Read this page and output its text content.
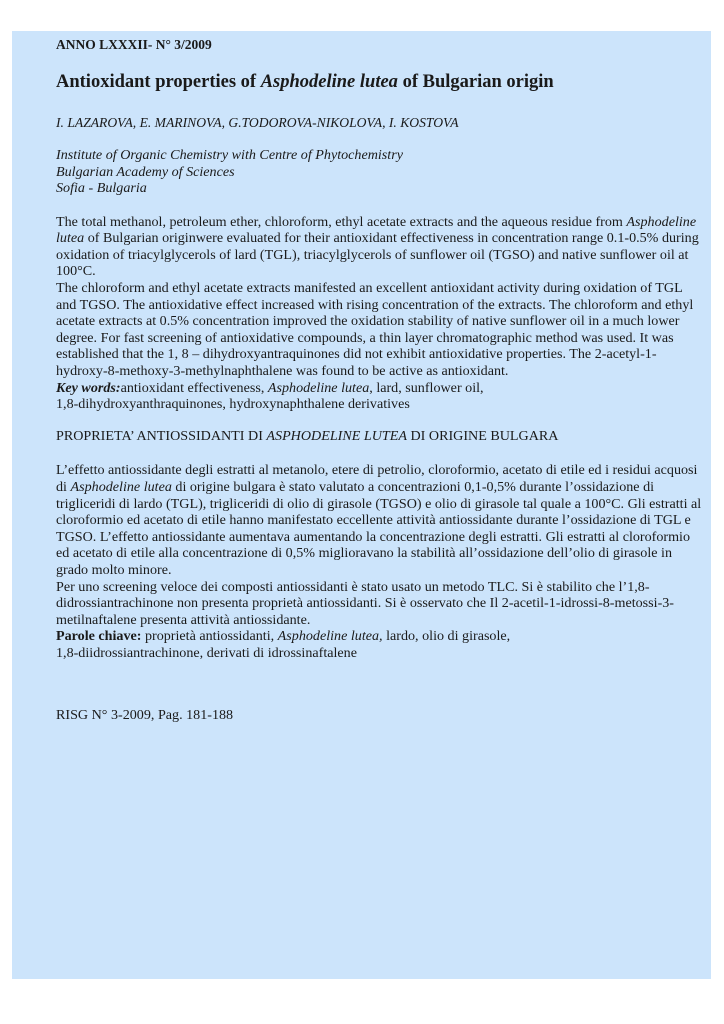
ANNO LXXXII- N° 3/2009

Antioxidant properties of Asphodeline lutea of Bulgarian origin

I. LAZAROVA, E. MARINOVA, G.TODOROVA-NIKOLOVA, I. KOSTOVA

Institute of Organic Chemistry with Centre of Phytochemistry
Bulgarian Academy of Sciences
Sofia - Bulgaria

The total methanol, petroleum ether, chloroform, ethyl acetate extracts and the aqueous residue from Asphodeline lutea of Bulgarian originwere evaluated for their antioxidant effectiveness in concentration range 0.1-0.5% during oxidation of triacylglycerols of lard (TGL), triacylglycerols of sunflower oil (TGSO) and native sunflower oil at 100°C.

The chloroform and ethyl acetate extracts manifested an excellent antioxidant activity during oxidation of TGL and TGSO. The antioxidative effect increased with rising concentration of the extracts. The chloroform and ethyl acetate extracts at 0.5% concentration improved the oxidation stability of native sunflower oil in a much lower degree. For fast screening of antioxidative compounds, a thin layer chromatographic method was used. It was established that the 1, 8 – dihydroxyantraquinones did not exhibit antioxidative properties. The 2-acetyl-1-hydroxy-8-methoxy-3-methylnaphthalene was found to be active as antioxidant.

Key words:antioxidant effectiveness, Asphodeline lutea, lard, sunflower oil,

1,8-dihydroxyanthraquinones, hydroxynaphthalene derivatives

PROPRIETA’ ANTIOSSIDANTI DI ASPHODELINE LUTEA DI ORIGINE BULGARA

L’effetto antiossidante degli estratti al metanolo, etere di petrolio, cloroformio, acetato di etile ed i residui acquosi di Asphodeline lutea di origine bulgara è stato valutato a concentrazioni 0,1-0,5% durante l’ossidazione di trigliceridi di lardo (TGL), trigliceridi di olio di girasole (TGSO) e olio di girasole tal quale a 100°C. Gli estratti al cloroformio ed acetato di etile hanno manifestato eccellente attività antiossidante durante l’ossidazione di TGL e TGSO. L’effetto antiossidante aumentava aumentando la concentrazione degli estratti. Gli estratti al cloroformio ed acetato di etile alla concentrazione di 0,5% miglioravano la stabilità all’ossidazione dell’olio di girasole in grado molto minore.

Per uno screening veloce dei composti antiossidanti è stato usato un metodo TLC. Si è stabilito che l’1,8-didrossiantrachinone non presenta proprietà antiossidanti. Si è osservato che Il 2-acetil-1-idrossi-8-metossi-3-metilnaftalene presenta attività antiossidante.

Parole chiave: proprietà antiossidanti, Asphodeline lutea, lardo, olio di girasole,

1,8-diidrossiantrachinone, derivati di idrossinaftalene

RISG N° 3-2009, Pag. 181-188
